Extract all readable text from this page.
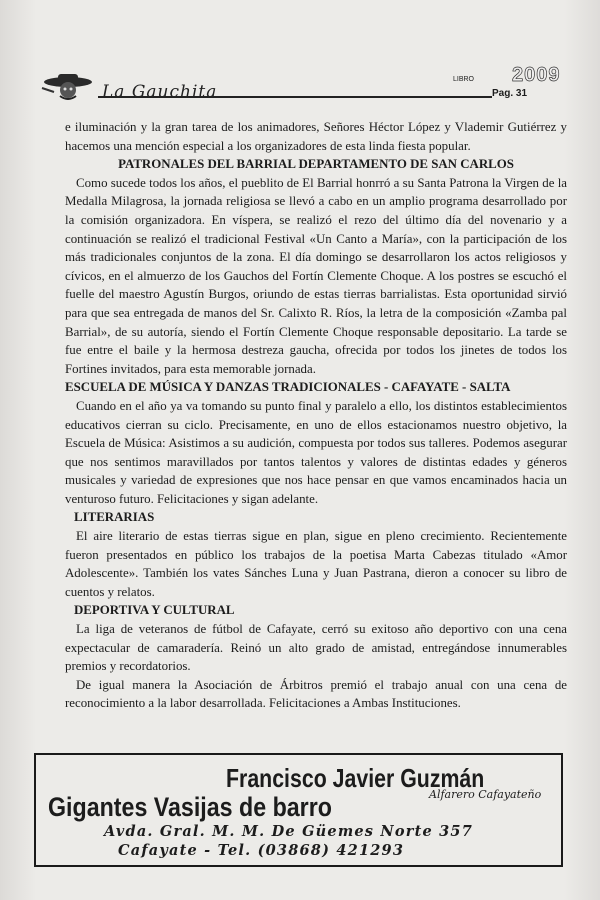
La Gauchita
LIBRO 2009
Pag. 31

e iluminación y la gran tarea de los animadores, Señores Héctor López y Vlademir Gutiérrez y hacemos una mención especial a los organizadores de esta linda fiesta popular.

PATRONALES DEL BARRIAL DEPARTAMENTO DE SAN CARLOS

Como sucede todos los años, el pueblito de El Barrial honrró a su Santa Patrona la Virgen de la Medalla Milagrosa, la jornada religiosa se llevó a cabo en un amplio programa desarrollado por la comisión organizadora. En víspera, se realizó el rezo del último día del novenario y a continuación se realizó el tradicional Festival «Un Canto a María», con la participación de los más tradicionales conjuntos de la zona. El día domingo se desarrollaron los actos religiosos y cívicos, en el almuerzo de los Gauchos del Fortín Clemente Choque. A los postres se escuchó el fuelle del maestro Agustín Burgos, oriundo de estas tierras barrialistas. Esta oportunidad sirvió para que sea entregada de manos del Sr. Calixto R. Ríos, la letra de la composición «Zamba pal Barrial», de su autoría, siendo el Fortín Clemente Choque responsable depositario. La tarde se fue entre el baile y la hermosa destreza gaucha, ofrecida por todos los jinetes de todos los Fortines invitados, para esta memorable jornada.

ESCUELA DE MÚSICA Y DANZAS TRADICIONALES - CAFAYATE - SALTA

Cuando en el año ya va tomando su punto final y paralelo a ello, los distintos establecimientos educativos cierran su ciclo. Precisamente, en uno de ellos estacionamos nuestro objetivo, la Escuela de Música: Asistimos a su audición, compuesta por todos sus talleres. Podemos asegurar que nos sentimos maravillados por tantos talentos y valores de distintas edades y géneros musicales y variedad de expresiones que nos hace pensar en que vamos encaminados hacia un venturoso futuro. Felicitaciones y sigan adelante.

LITERARIAS

El aire literario de estas tierras sigue en plan, sigue en pleno crecimiento. Recientemente fueron presentados en público los trabajos de la poetisa Marta Cabezas titulado «Amor Adolescente». También los vates Sánches Luna y Juan Pastrana, dieron a conocer su libro de cuentos y relatos.

DEPORTIVA Y CULTURAL

La liga de veteranos de fútbol de Cafayate, cerró su exitoso año deportivo con una cena expectacular de camaradería. Reinó un alto grado de amistad, entregándose innumerables premios y recordatorios.

De igual manera la Asociación de Árbitros premió el trabajo anual con una cena de reconocimiento a la labor desarrollada. Felicitaciones a Ambas Instituciones.

Francisco Javier Guzmán
Gigantes Vasijas de barro	Alfarero Cafayateño
Avda. Gral. M. M. De Güemes Norte 357
Cafayate - Tel. (03868) 421293
